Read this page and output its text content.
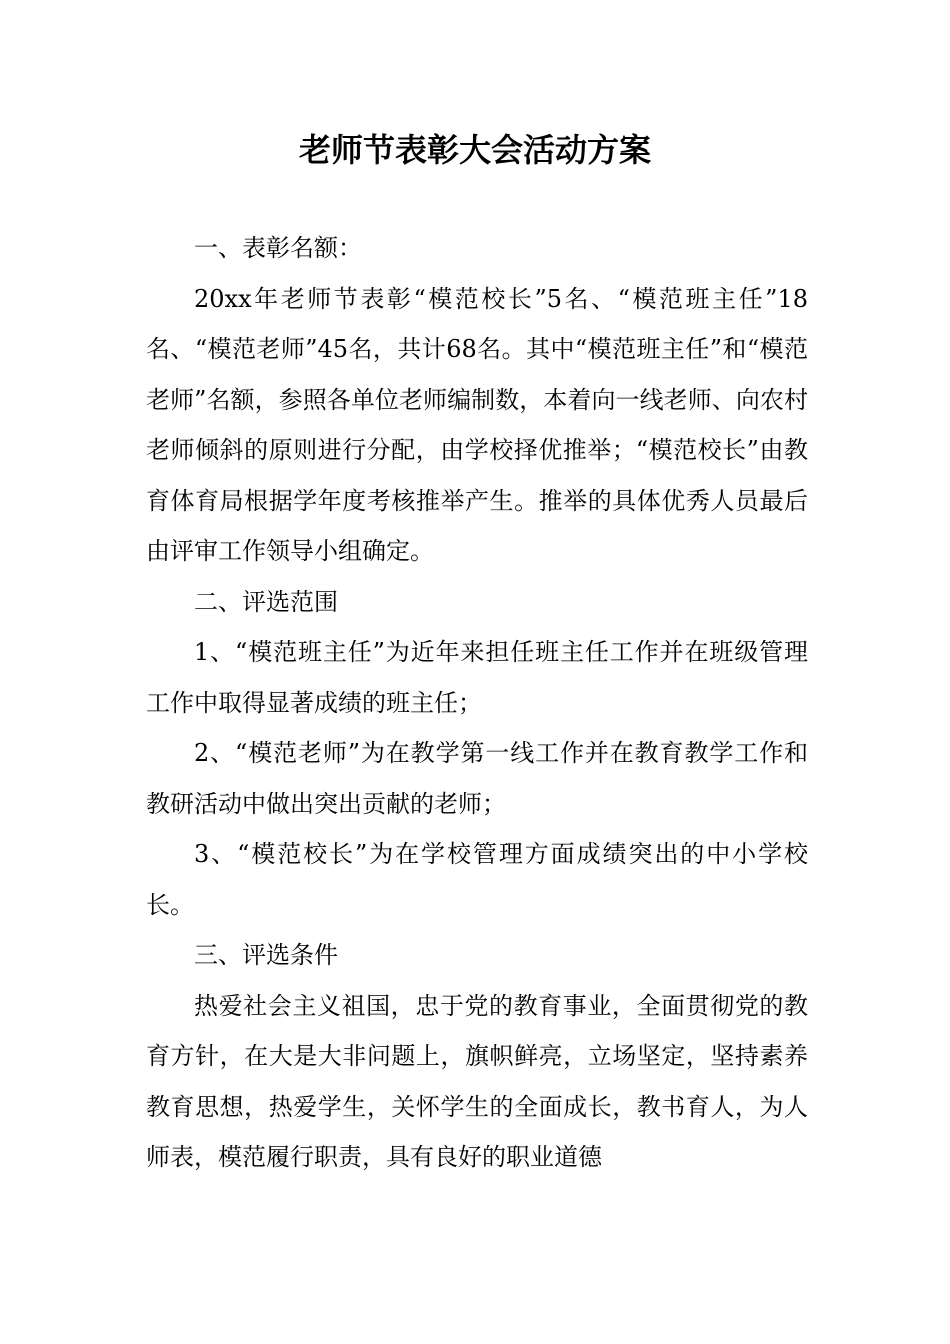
老师节表彰大会活动方案

一、表彰名额：

20xx年老师节表彰“模范校长”5名、“模范班主任”18名、“模范老师”45名，共计68名。其中“模范班主任”和“模范老师”名额，参照各单位老师编制数，本着向一线老师、向农村老师倾斜的原则进行分配，由学校择优推举；“模范校长”由教育体育局根据学年度考核推举产生。推举的具体优秀人员最后由评审工作领导小组确定。

二、评选范围

1、“模范班主任”为近年来担任班主任工作并在班级管理工作中取得显著成绩的班主任；

2、“模范老师”为在教学第一线工作并在教育教学工作和教研活动中做出突出贡献的老师；

3、“模范校长”为在学校管理方面成绩突出的中小学校长。

三、评选条件

热爱社会主义祖国，忠于党的教育事业，全面贯彻党的教育方针，在大是大非问题上，旗帜鲜亮，立场坚定，坚持素养教育思想，热爱学生，关怀学生的全面成长，教书育人，为人师表，模范履行职责，具有良好的职业道德
